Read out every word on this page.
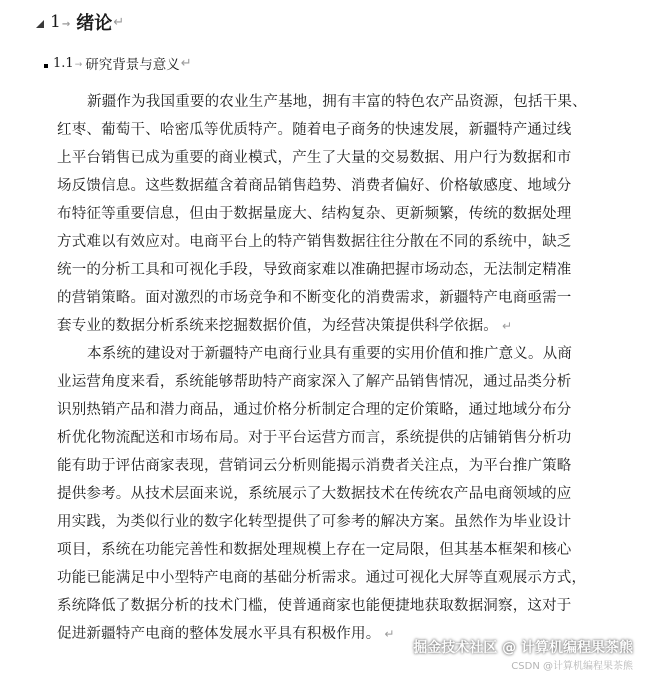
1 → 绪论 ↵
1.1 → 研究背景与意义 ↵
新疆作为我国重要的农业生产基地，拥有丰富的特色农产品资源，包括干果、
红枣、葡萄干、哈密瓜等优质特产。随着电子商务的快速发展，新疆特产通过线
上平台销售已成为重要的商业模式，产生了大量的交易数据、用户行为数据和市
场反馈信息。这些数据蕴含着商品销售趋势、消费者偏好、价格敏感度、地域分
布特征等重要信息，但由于数据量庞大、结构复杂、更新频繁，传统的数据处理
方式难以有效应对。电商平台上的特产销售数据往往分散在不同的系统中，缺乏
统一的分析工具和可视化手段，导致商家难以准确把握市场动态，无法制定精准
的营销策略。面对激烈的市场竞争和不断变化的消费需求，新疆特产电商亟需一
套专业的数据分析系统来挖掘数据价值，为经营决策提供科学依据。 ↵
本系统的建设对于新疆特产电商行业具有重要的实用价值和推广意义。从商
业运营角度来看，系统能够帮助特产商家深入了解产品销售情况，通过品类分析
识别热销产品和潜力商品，通过价格分析制定合理的定价策略，通过地域分布分
析优化物流配送和市场布局。对于平台运营方而言，系统提供的店铺销售分析功
能有助于评估商家表现，营销词云分析则能揭示消费者关注点，为平台推广策略
提供参考。从技术层面来说，系统展示了大数据技术在传统农产品电商领域的应
用实践，为类似行业的数字化转型提供了可参考的解决方案。虽然作为毕业设计
项目，系统在功能完善性和数据处理规模上存在一定局限，但其基本框架和核心
功能已能满足中小型特产电商的基础分析需求。通过可视化大屏等直观展示方式，
系统降低了数据分析的技术门槛，使普通商家也能便捷地获取数据洞察，这对于
促进新疆特产电商的整体发展水平具有积极作用。 ↵
掘金技术社区 @ 计算机编程果茶熊
CSDN @计算机编程果茶熊
